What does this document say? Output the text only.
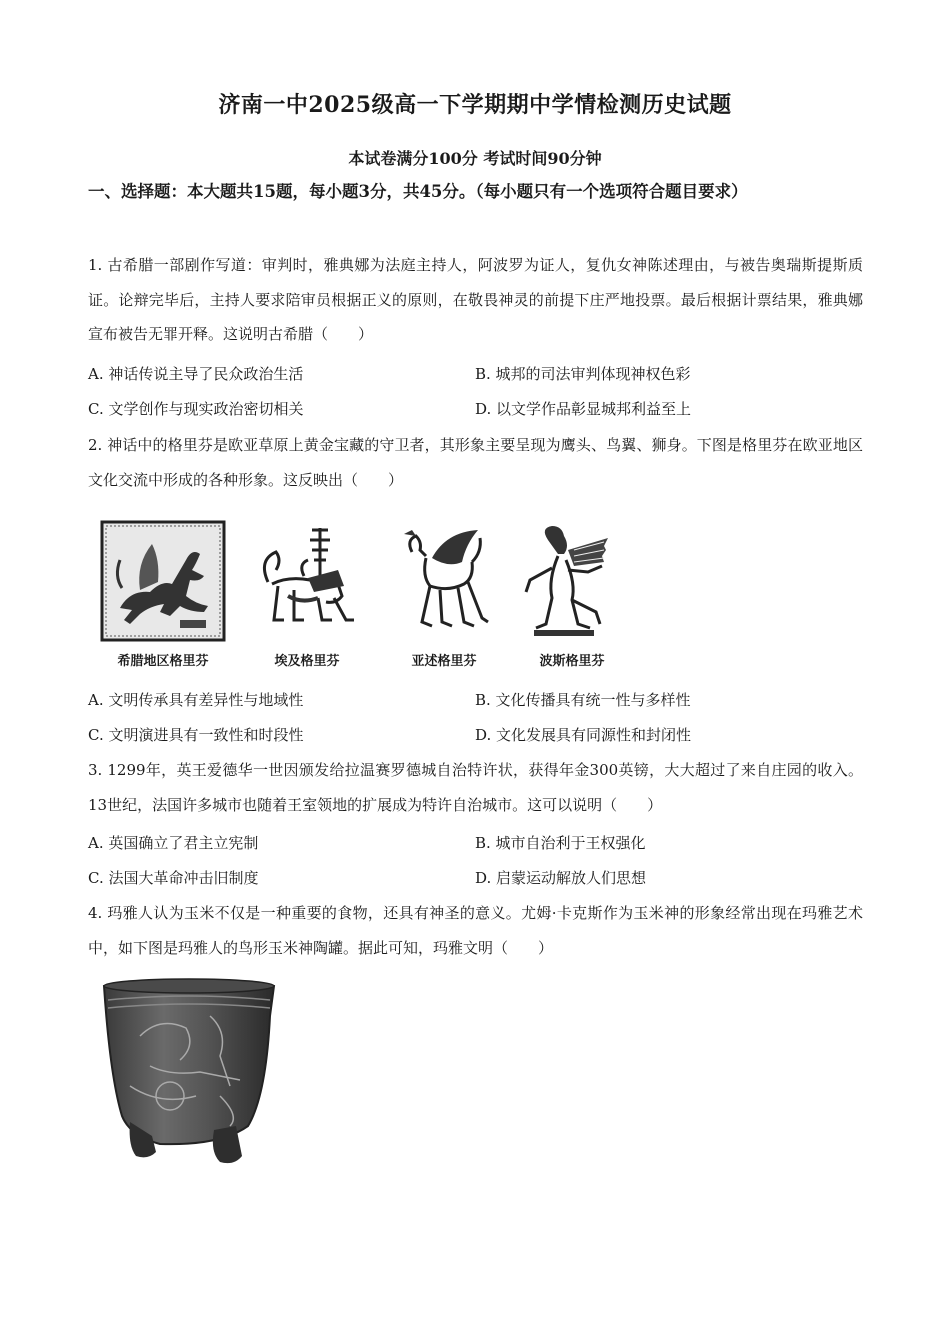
济南一中2025级高一下学期期中学情检测历史试题
本试卷满分100分 考试时间90分钟
一、选择题：本大题共15题，每小题3分，共45分。（每小题只有一个选项符合题目要求）
1. 古希腊一部剧作写道：审判时，雅典娜为法庭主持人，阿波罗为证人，复仇女神陈述理由，与被告奥瑞斯提斯质证。论辩完毕后，主持人要求陪审员根据正义的原则，在敬畏神灵的前提下庄严地投票。最后根据计票结果，雅典娜宣布被告无罪开释。这说明古希腊（　　）
A. 神话传说主导了民众政治生活	B. 城邦的司法审判体现神权色彩
C. 文学创作与现实政治密切相关	D. 以文学作品彰显城邦利益至上
2. 神话中的格里芬是欧亚草原上黄金宝藏的守卫者，其形象主要呈现为鹰头、鸟翼、狮身。下图是格里芬在欧亚地区文化交流中形成的各种形象。这反映出（　　）
希腊地区格里芬	埃及格里芬	亚述格里芬	波斯格里芬
A. 文明传承具有差异性与地域性	B. 文化传播具有统一性与多样性
C. 文明演进具有一致性和时段性	D. 文化发展具有同源性和封闭性
3. 1299年，英王爱德华一世因颁发给拉温赛罗德城自治特许状，获得年金300英镑，大大超过了来自庄园的收入。13世纪，法国许多城市也随着王室领地的扩展成为特许自治城市。这可以说明（　　）
A. 英国确立了君主立宪制	B. 城市自治利于王权强化
C. 法国大革命冲击旧制度	D. 启蒙运动解放人们思想
4. 玛雅人认为玉米不仅是一种重要的食物，还具有神圣的意义。尤姆·卡克斯作为玉米神的形象经常出现在玛雅艺术中，如下图是玛雅人的鸟形玉米神陶罐。据此可知，玛雅文明（　　）
